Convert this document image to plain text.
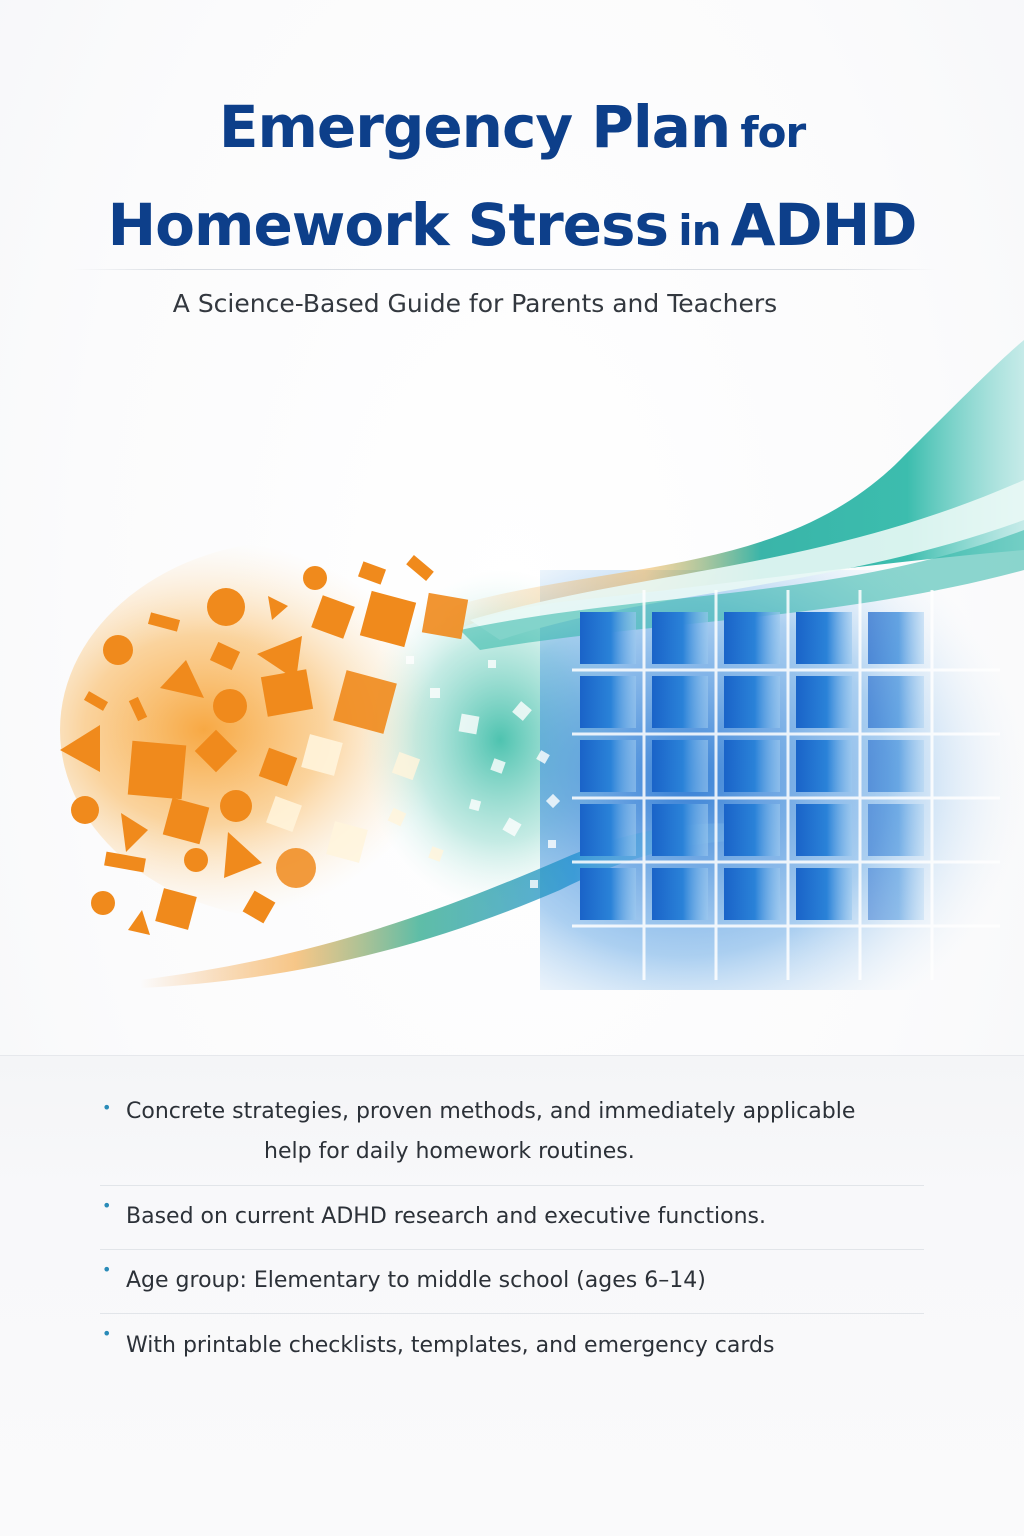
Emergency Plan for
Homework Stress in ADHD

A Science-Based Guide for Parents and Teachers

• Concrete strategies, proven methods, and immediately applicable
help for daily homework routines.
• Based on current ADHD research and executive functions.
• Age group: Elementary to middle school (ages 6–14)
• With printable checklists, templates, and emergency cards
